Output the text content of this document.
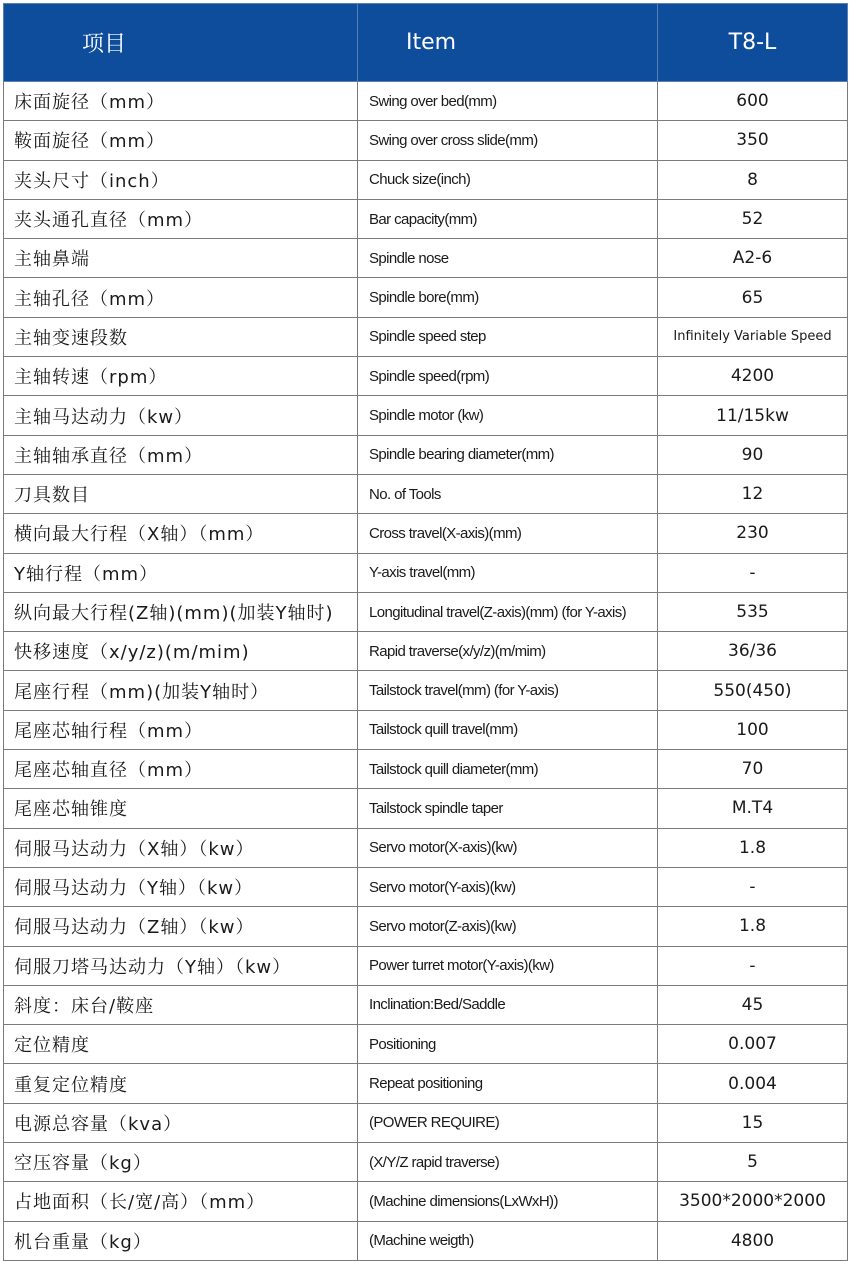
项目	Item	T8-L
床面旋径（mm）	Swing over bed(mm)	600
鞍面旋径（mm）	Swing over cross slide(mm)	350
夹头尺寸（inch）	Chuck size(inch)	8
夹头通孔直径（mm）	Bar capacity(mm)	52
主轴鼻端	Spindle nose	A2-6
主轴孔径（mm）	Spindle bore(mm)	65
主轴变速段数	Spindle speed step	Infinitely Variable Speed
主轴转速（rpm）	Spindle speed(rpm)	4200
主轴马达动力（kw）	Spindle motor (kw)	11/15kw
主轴轴承直径（mm）	Spindle bearing diameter(mm)	90
刀具数目	No. of Tools	12
横向最大行程（X轴）（mm）	Cross travel(X-axis)(mm)	230
Y轴行程（mm）	Y-axis travel(mm)	-
纵向最大行程(Z轴)(mm)(加装Y轴时)	Longitudinal travel(Z-axis)(mm) (for Y-axis)	535
快移速度（x/y/z)(m/mim)	Rapid traverse(x/y/z)(m/mim)	36/36
尾座行程（mm)(加装Y轴时）	Tailstock travel(mm) (for Y-axis)	550(450)
尾座芯轴行程（mm）	Tailstock quill travel(mm)	100
尾座芯轴直径（mm）	Tailstock quill diameter(mm)	70
尾座芯轴锥度	Tailstock spindle taper	M.T4
伺服马达动力（X轴）（kw）	Servo motor(X-axis)(kw)	1.8
伺服马达动力（Y轴）（kw）	Servo motor(Y-axis)(kw)	-
伺服马达动力（Z轴）（kw）	Servo motor(Z-axis)(kw)	1.8
伺服刀塔马达动力（Y轴）（kw）	Power turret motor(Y-axis)(kw)	-
斜度：床台/鞍座	Inclination:Bed/Saddle	45
定位精度	Positioning	0.007
重复定位精度	Repeat positioning	0.004
电源总容量（kva）	(POWER REQUIRE)	15
空压容量（kg）	(X/Y/Z rapid traverse)	5
占地面积（长/宽/高）（mm）	(Machine dimensions(LxWxH))	3500*2000*2000
机台重量（kg）	(Machine weigth)	4800
